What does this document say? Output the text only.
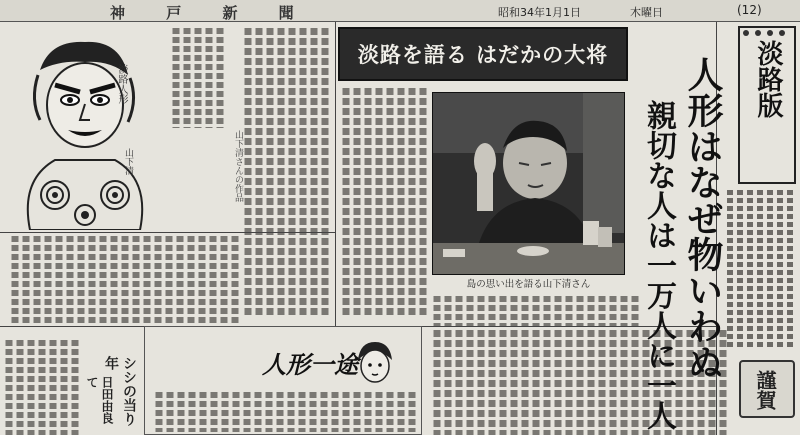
神 戸 新 聞	昭和34年1月1日	木曜日	(12)
淡路人形
山下清	山下清さんの作品
淡路を語る はだかの大将
島の思い出を語る山下清さん	人形はなぜ物いわぬ
親切な人は一万人に一人
淡路版
謹賀
人形一途
シシの当り年
日田由良て
